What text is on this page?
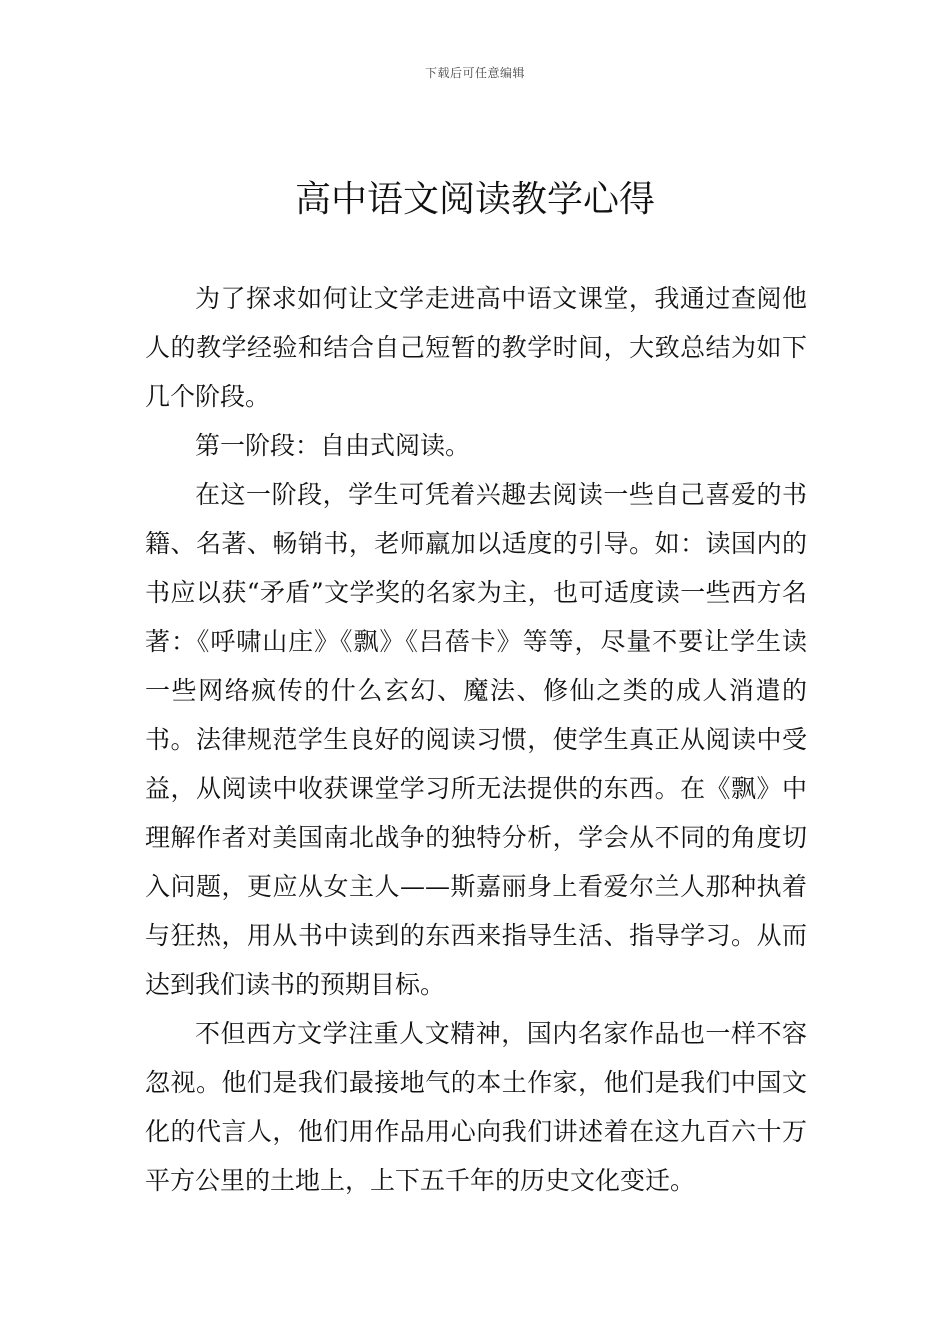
下载后可任意编辑
高中语文阅读教学心得

为了探求如何让文学走进高中语文课堂，我通过查阅他人的教学经验和结合自己短暂的教学时间，大致总结为如下几个阶段。

第一阶段：自由式阅读。

在这一阶段，学生可凭着兴趣去阅读一些自己喜爱的书籍、名著、畅销书，老师羸加以适度的引导。如：读国内的书应以获“矛盾”文学奖的名家为主，也可适度读一些西方名著：《呼啸山庄》《飘》《吕蓓卡》等等，尽量不要让学生读一些网络疯传的什么玄幻、魔法、修仙之类的成人消遣的书。法律规范学生良好的阅读习惯，使学生真正从阅读中受益，从阅读中收获课堂学习所无法提供的东西。在《飘》中理解作者对美国南北战争的独特分析，学会从不同的角度切入问题，更应从女主人——斯嘉丽身上看爱尔兰人那种执着与狂热，用从书中读到的东西来指导生活、指导学习。从而达到我们读书的预期目标。

不但西方文学注重人文精神，国内名家作品也一样不容忽视。他们是我们最接地气的本土作家，他们是我们中国文化的代言人，他们用作品用心向我们讲述着在这九百六十万平方公里的土地上，上下五千年的历史文化变迁。
